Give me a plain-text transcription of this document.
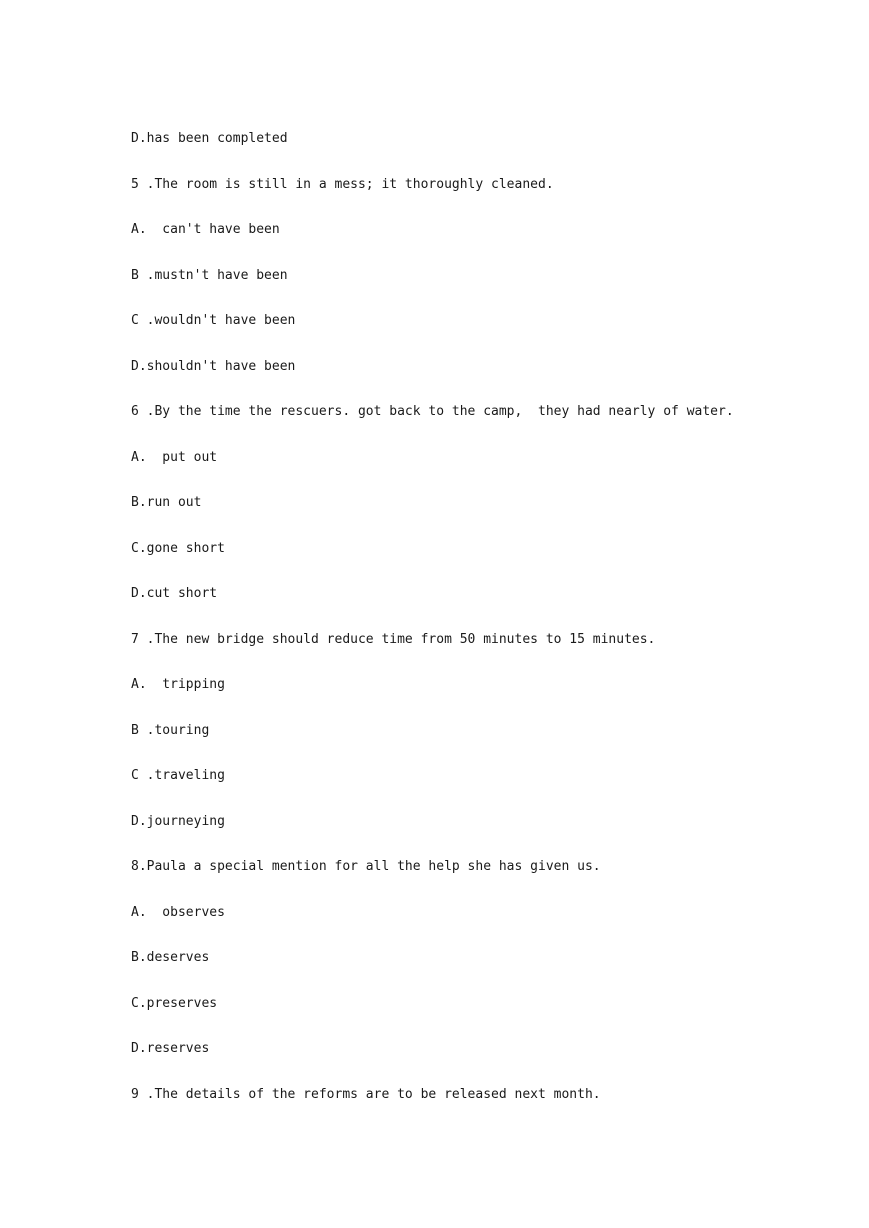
D.has been completed

5 .The room is still in a mess; it thoroughly cleaned.

A.  can't have been

B .mustn't have been

C .wouldn't have been

D.shouldn't have been

6 .By the time the rescuers. got back to the camp,  they had nearly of water.

A.  put out

B.run out

C.gone short

D.cut short

7 .The new bridge should reduce time from 50 minutes to 15 minutes.

A.  tripping

B .touring

C .traveling

D.journeying

8.Paula a special mention for all the help she has given us.

A.  observes

B.deserves

C.preserves

D.reserves

9 .The details of the reforms are to be released next month.
